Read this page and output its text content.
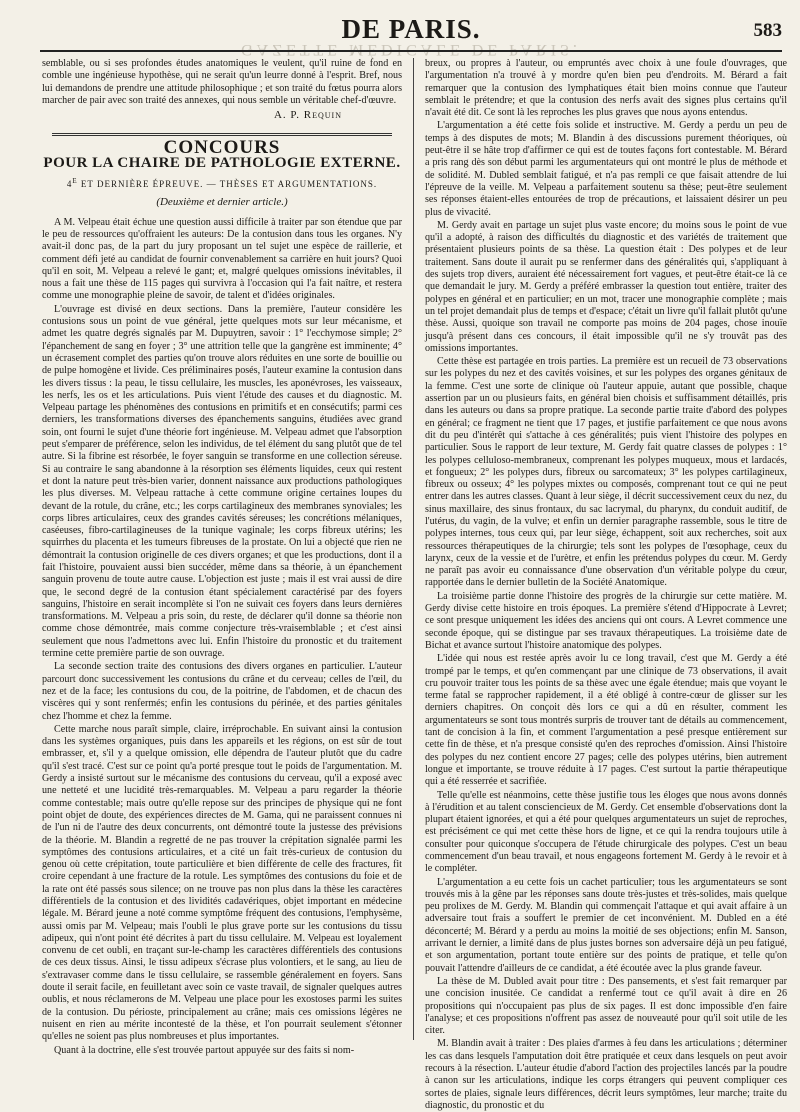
GAZETTE MÉDICALE DE PARIS.
DE PARIS.	583

semblable, ou si ses profondes études anatomiques le veulent, qu'il ruine de fond en comble une ingénieuse hypothèse, qui ne serait qu'un leurre donné à l'esprit. Bref, nous lui demandons de prendre une attitude philosophique ; et son traité du fœtus pourra alors marcher de pair avec son traité des annexes, qui nous semble un véritable chef-d'œuvre.

A. P. Requin
CONCOURS
POUR LA CHAIRE DE PATHOLOGIE EXTERNE.
$4^E$ ET DERNIÈRE ÉPREUVE. — THÈSES ET ARGUMENTATIONS.
(Deuxième et dernier article.)

A M. Velpeau était échue une question aussi difficile à traiter par son étendue que par le peu de ressources qu'offraient les auteurs: De la contusion dans tous les organes. N'y avait-il donc pas, de la part du jury proposant un tel sujet une espèce de raillerie, et comment défi jeté au candidat de fournir convenablement sa carrière en huit jours? Quoi qu'il en soit, M. Velpeau a relevé le gant; et, malgré quelques omissions inévitables, il nous a fait une thèse de 115 pages qui survivra à l'occasion qui l'a fait naître, et restera comme une monographie pleine de savoir, de talent et d'idées originales.

L'ouvrage est divisé en deux sections. Dans la première, l'auteur considère les contusions sous un point de vue général, jette quelques mots sur leur mécanisme, et admet les quatre degrés signalés par M. Dupuytren, savoir : 1° l'ecchymose simple; 2° l'épanchement de sang en foyer ; 3° une attrition telle que la gangrène est imminente; 4° un écrasement complet des parties qu'on trouve alors réduites en une sorte de bouillie ou de pulpe homogène et livide. Ces préliminaires posés, l'auteur examine la contusion dans les divers tissus : la peau, le tissu cellulaire, les muscles, les aponévroses, les vaisseaux, les nerfs, les os et les articulations. Puis vient l'étude des causes et du diagnostic. M. Velpeau partage les phénomènes des contusions en primitifs et en consécutifs; parmi ces derniers, les transformations diverses des épanchements sanguins, étudiées avec grand soin, ont fourni le sujet d'une théorie fort ingénieuse. M. Velpeau admet que l'absorption peut s'emparer de préférence, selon les individus, de tel élément du sang plutôt que de tel autre. Si la fibrine est résorbée, le foyer sanguin se transforme en une collection séreuse. Si au contraire le sang abandonne à la résorption ses éléments liquides, ceux qui restent et dont la nature peut très-bien varier, donnent naissance aux productions pathologiques les plus diverses. M. Velpeau rattache à cette commune origine certaines loupes du devant de la rotule, du crâne, etc.; les corps cartilagineux des membranes synoviales; les corps libres articulaires, ceux des grandes cavités séreuses; les concrétions mélaniques, caséeuses, fibro-cartilagineuses de la tunique vaginale; les corps fibreux utérins; les squirrhes du placenta et les tumeurs fibreuses de la prostate. On lui a objecté que rien ne démontrait la contusion originelle de ces divers organes; et que les productions, dont il a fait l'histoire, pouvaient aussi bien succéder, même dans sa théorie, à un épanchement sanguin provenu de toute autre cause. L'objection est juste ; mais il est vrai aussi de dire que, le second degré de la contusion étant spécialement caractérisé par des foyers sanguins, l'histoire en serait incomplète si l'on ne suivait ces foyers dans leurs dernières transformations. M. Velpeau a pris soin, du reste, de déclarer qu'il donne sa théorie non comme chose démontrée, mais comme conjecture très-vraisemblable ; et c'est ainsi seulement que nous l'admettons avec lui. Enfin l'histoire du pronostic et du traitement termine cette première partie de son ouvrage.

La seconde section traite des contusions des divers organes en particulier. L'auteur parcourt donc successivement les contusions du crâne et du cerveau; celles de l'œil, du nez et de la face; les contusions du cou, de la poitrine, de l'abdomen, et de chacun des viscères qui y sont renfermés; enfin les contusions du périnée, et des parties génitales chez l'homme et chez la femme.

Cette marche nous paraît simple, claire, irréprochable. En suivant ainsi la contusion dans les systèmes organiques, puis dans les appareils et les régions, on est sûr de tout embrasser, et, s'il y a quelque omission, elle dépendra de l'auteur plutôt que du cadre qu'il s'est tracé. C'est sur ce point qu'a porté presque tout le poids de l'argumentation. M. Gerdy a insisté surtout sur le mécanisme des contusions du cerveau, qu'il a exposé avec une netteté et une lucidité très-remarquables. M. Velpeau a paru regarder la théorie comme contestable; mais outre qu'elle repose sur des principes de physique qui ne font point objet de doute, des expériences directes de M. Gama, qui ne paraissent connues ni de l'un ni de l'autre des deux concurrents, ont démontré toute la justesse des prévisions de la théorie. M. Blandin a regretté de ne pas trouver la crépitation signalée parmi les symptômes des contusions articulaires, et a cité un fait très-curieux de contusion du genou où cette crépitation, toute particulière et bien différente de celle des fractures, fit croire cependant à une fracture de la rotule. Les symptômes des contusions du foie et de la rate ont été passés sous silence; on ne trouve pas non plus dans la thèse les caractères différentiels de la contusion et des lividités cadavériques, objet important en médecine légale. M. Bérard jeune a noté comme symptôme fréquent des contusions, l'emphysème, aussi omis par M. Velpeau; mais l'oubli le plus grave porte sur les contusions du tissu adipeux, qui n'ont point été décrites à part du tissu cellulaire. M. Velpeau est loyalement convenu de cet oubli, en traçant sur-le-champ les caractères différentiels des contusions de ces deux tissus. Ainsi, le tissu adipeux s'écrase plus volontiers, et le sang, au lieu de s'extravaser comme dans le tissu cellulaire, se rassemble généralement en foyers. Sans doute il serait facile, en feuilletant avec soin ce vaste travail, de signaler quelques autres oublis, et nous réclamerons de M. Velpeau une place pour les exostoses parmi les suites de la contusion. Du périoste, principalement au crâne; mais ces omissions légères ne nuisent en rien au mérite incontesté de la thèse, et l'on pourrait seulement s'étonner qu'elles ne soient pas plus nombreuses et plus importantes.

Quant à la doctrine, elle s'est trouvée partout appuyée sur des faits si nom-

breux, ou propres à l'auteur, ou empruntés avec choix à une foule d'ouvrages, que l'argumentation n'a trouvé à y mordre qu'en bien peu d'endroits. M. Bérard a fait remarquer que la contusion des lymphatiques était bien moins connue que l'auteur semblait le prétendre; et que la contusion des nerfs avait des signes plus certains qu'il n'avait été dit. Ce sont là les reproches les plus graves que nous ayons entendus.

L'argumentation a été cette fois solide et instructive. M. Gerdy a perdu un peu de temps à des disputes de mots; M. Blandin à des discussions purement théoriques, où peut-être il se hâte trop d'affirmer ce qui est de toutes façons fort contestable. M. Bérard a pris rang dès son début parmi les argumentateurs qui ont montré le plus de méthode et de solidité. M. Dubled semblait fatigué, et n'a pas rempli ce que faisait attendre de lui l'épreuve de la veille. M. Velpeau a parfaitement soutenu sa thèse; peut-être seulement ses réponses étaient-elles entourées de trop de précautions, et laissaient désirer un peu plus de vivacité.

M. Gerdy avait en partage un sujet plus vaste encore; du moins sous le point de vue qu'il a adopté, à raison des difficultés du diagnostic et des variétés de traitement que présentaient plusieurs points de sa thèse. La question était : Des polypes et de leur traitement. Sans doute il aurait pu se renfermer dans des généralités qui, s'appliquant à des sujets trop divers, auraient été nécessairement fort vagues, et peut-être était-ce là ce que demandait le jury. M. Gerdy a préféré embrasser la question tout entière, traiter des polypes en général et en particulier; en un mot, tracer une monographie complète ; mais un tel projet demandait plus de temps et d'espace; c'était un livre qu'il fallait plutôt qu'une thèse. Aussi, quoique son travail ne comporte pas moins de 204 pages, chose inouïe jusqu'à présent dans ces concours, il était impossible qu'il ne s'y trouvât pas des omissions importantes.

Cette thèse est partagée en trois parties. La première est un recueil de 73 observations sur les polypes du nez et des cavités voisines, et sur les polypes des organes génitaux de la femme. C'est une sorte de clinique où l'auteur appuie, autant que possible, chaque assertion par un ou plusieurs faits, en général bien choisis et suffisamment détaillés, pris dans les auteurs ou dans sa propre pratique. La seconde partie traite d'abord des polypes en général; ce fragment ne tient que 17 pages, et justifie parfaitement ce que nous avons dit du peu d'intérêt qui s'attache à ces généralités; puis vient l'histoire des polypes en particulier. Sous le rapport de leur texture, M. Gerdy fait quatre classes de polypes : 1° les polypes celluloso-membraneux, comprenant les polypes muqueux, mous et lardacés, et fongueux; 2° les polypes durs, fibreux ou sarcomateux; 3° les polypes cartilagineux, fibreux ou osseux; 4° les polypes mixtes ou composés, comprenant tout ce qui ne peut entrer dans les autres classes. Quant à leur siège, il décrit successivement ceux du nez, du sinus maxillaire, des sinus frontaux, du sac lacrymal, du pharynx, du conduit auditif, de l'utérus, du vagin, de la vulve; et enfin un dernier paragraphe rassemble, sous le titre de polypes internes, tous ceux qui, par leur siège, échappent, soit aux recherches, soit aux ressources thérapeutiques de la chirurgie; tels sont les polypes de l'œsophage, ceux du larynx, ceux de la vessie et de l'urètre, et enfin les prétendus polypes du cœur. M. Gerdy ne paraît pas avoir eu connaissance d'une observation d'un véritable polype du cœur, rapportée dans le dernier bulletin de la Société Anatomique.

La troisième partie donne l'histoire des progrès de la chirurgie sur cette matière. M. Gerdy divise cette histoire en trois époques. La première s'étend d'Hippocrate à Levret; ce sont presque uniquement les idées des anciens qui ont cours. A Levret commence une seconde époque, qui se distingue par ses travaux thérapeutiques. La troisième date de Bichat et avance surtout l'histoire anatomique des polypes.

L'idée qui nous est restée après avoir lu ce long travail, c'est que M. Gerdy a été trompé par le temps, et qu'en commençant par une clinique de 73 observations, il avait cru pouvoir traiter tous les points de sa thèse avec une égale étendue; mais que voyant le terme fatal se rapprocher rapidement, il a été obligé à contre-cœur de glisser sur les derniers chapitres. On conçoit dès lors ce qui a dû en résulter, comment les argumentateurs se sont tous montrés surpris de trouver tant de détails au commencement, tant de concision à la fin, et comment l'argumentation a pesé presque entièrement sur cette fin de thèse, et n'a presque consisté qu'en des reproches d'omission. Ainsi l'histoire des polypes du nez contient encore 27 pages; celle des polypes utérins, bien autrement longue et importante, se trouve réduite à 17 pages. C'est surtout la partie thérapeutique qui a été resserrée et sacrifiée.

Telle qu'elle est néanmoins, cette thèse justifie tous les éloges que nous avons donnés à l'érudition et au talent consciencieux de M. Gerdy. Cet ensemble d'observations dont la plupart étaient ignorées, et qui a été pour quelques argumentateurs un sujet de reproches, est précisément ce qui met cette thèse hors de ligne, et ce qui la rendra toujours utile à consulter pour quiconque s'occupera de l'étude chirurgicale des polypes. C'est un beau commencement d'un beau travail, et nous engageons fortement M. Gerdy à le revoir et à le compléter.

L'argumentation a eu cette fois un cachet particulier; tous les argumentateurs se sont trouvés mis à la gêne par les réponses sans doute très-justes et très-solides, mais quelque peu prolixes de M. Gerdy. M. Blandin qui commençait l'attaque et qui avait affaire à un adversaire tout frais a souffert le premier de cet inconvénient. M. Dubled en a été déconcerté; M. Bérard y a perdu au moins la moitié de ses objections; enfin M. Sanson, arrivant le dernier, a limité dans de plus justes bornes son adversaire déjà un peu fatigué, et son argumentation, portant toute entière sur des points de pratique, et telle qu'on pouvait l'attendre d'ailleurs de ce candidat, a été écoutée avec la plus grande faveur.

La thèse de M. Dubled avait pour titre : Des pansements, et s'est fait remarquer par une concision inusitée. Ce candidat a renfermé tout ce qu'il avait à dire en 26 propositions qui n'occupaient pas plus de six pages. Il est donc impossible d'en faire l'analyse; et ces propositions n'offrent pas assez de nouveauté pour qu'il soit utile de les citer.

M. Blandin avait à traiter : Des plaies d'armes à feu dans les articulations ; déterminer les cas dans lesquels l'amputation doit être pratiquée et ceux dans lesquels on peut avoir recours à la résection. L'auteur étudie d'abord l'action des projectiles lancés par la poudre à canon sur les articulations, indique les corps étrangers qui peuvent compliquer ces sortes de plaies, signale leurs différences, décrit leurs symptômes, leur marche; traite du diagnostic, du pronostic et du
